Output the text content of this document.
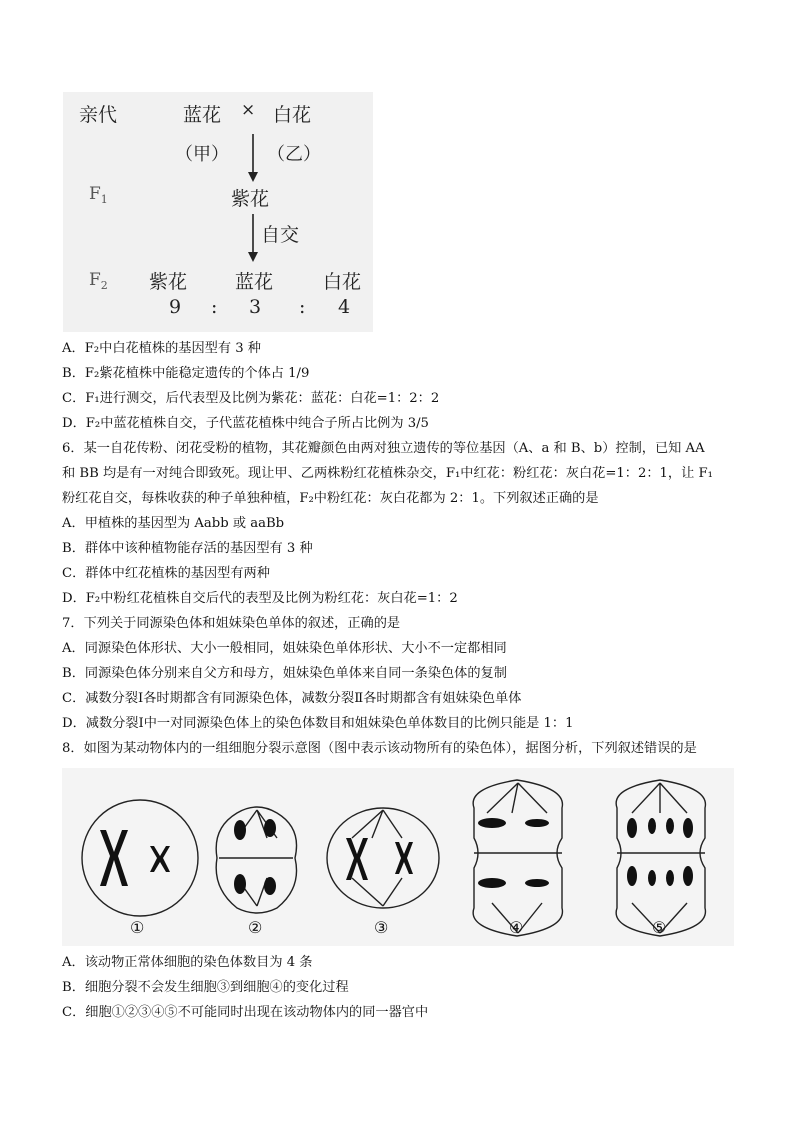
亲代	蓝花 × 白花
（甲） （乙）
$F_1$	紫花
自交
$F_2$ 紫花	蓝花	白花
9 : 3 : 4
A．F₂中白花植株的基因型有 3 种
B．F₂紫花植株中能稳定遗传的个体占 1/9
C．F₁进行测交，后代表型及比例为紫花：蓝花：白花=1：2：2
D．F₂中蓝花植株自交，子代蓝花植株中纯合子所占比例为 3/5
6．某一自花传粉、闭花受粉的植物，其花瓣颜色由两对独立遗传的等位基因（A、a 和 B、b）控制，已知 AA
和 BB 均是有一对纯合即致死。现让甲、乙两株粉红花植株杂交，F₁中红花：粉红花：灰白花=1：2：1，让 F₁
粉红花自交，每株收获的种子单独种植，F₂中粉红花：灰白花都为 2：1。下列叙述正确的是
A．甲植株的基因型为 Aabb 或 aaBb
B．群体中该种植物能存活的基因型有 3 种
C．群体中红花植株的基因型有两种
D．F₂中粉红花植株自交后代的表型及比例为粉红花：灰白花=1：2
7．下列关于同源染色体和姐妹染色单体的叙述，正确的是
A．同源染色体形状、大小一般相同，姐妹染色单体形状、大小不一定都相同
B．同源染色体分别来自父方和母方，姐妹染色单体来自同一条染色体的复制
C．减数分裂Ⅰ各时期都含有同源染色体，减数分裂Ⅱ各时期都含有姐妹染色单体
D．减数分裂Ⅰ中一对同源染色体上的染色体数目和姐妹染色单体数目的比例只能是 1：1
8．如图为某动物体内的一组细胞分裂示意图（图中表示该动物所有的染色体），据图分析，下列叙述错误的是
①	②	③	④	⑤
A．该动物正常体细胞的染色体数目为 4 条
B．细胞分裂不会发生细胞③到细胞④的变化过程
C．细胞①②③④⑤不可能同时出现在该动物体内的同一器官中
